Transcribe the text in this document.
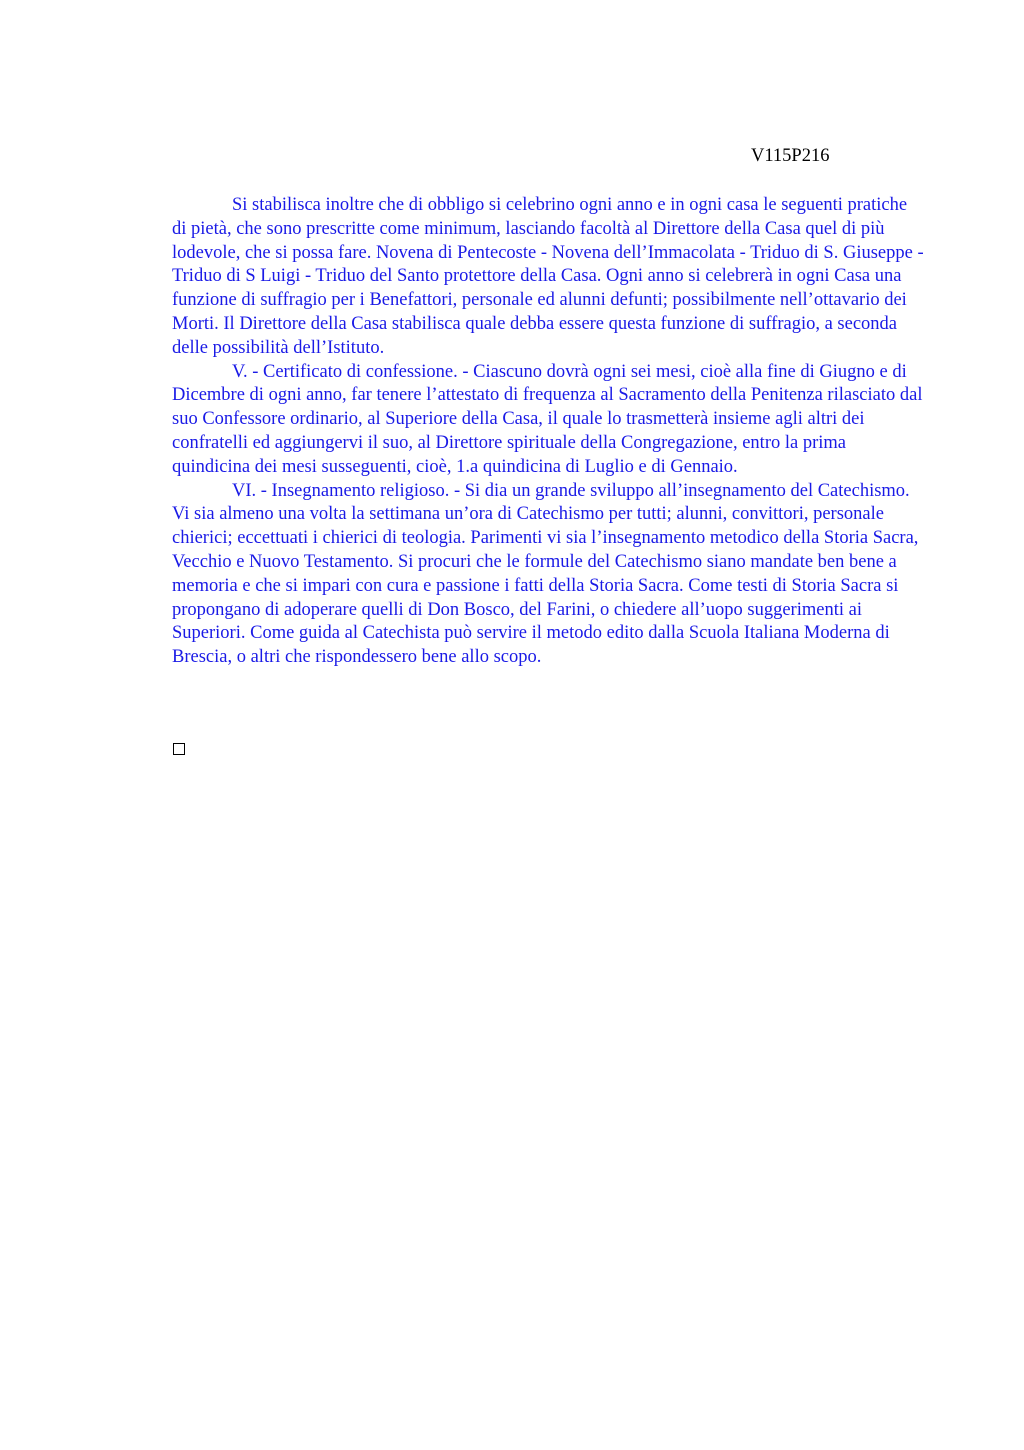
V115P216

Si stabilisca inoltre che di obbligo si celebrino ogni anno e in ogni casa le seguenti pratiche di pietà, che sono prescritte come minimum, lasciando facoltà al Direttore della Casa quel di più lodevole, che si possa fare. Novena di Pentecoste - Novena dell’Immacolata - Triduo di S. Giuseppe - Triduo di S Luigi - Triduo del Santo protettore della Casa. Ogni anno si celebrerà in ogni Casa una funzione di suffragio per i Benefattori, personale ed alunni defunti; possibilmente nell’ottavario dei Morti. Il Direttore della Casa stabilisca quale debba essere questa funzione di suffragio, a seconda delle possibilità dell’Istituto.

V. - Certificato di confessione. - Ciascuno dovrà ogni sei mesi, cioè alla fine di Giugno e di Dicembre di ogni anno, far tenere l’attestato di frequenza al Sacramento della Penitenza rilasciato dal suo Confessore ordinario, al Superiore della Casa, il quale lo trasmetterà insieme agli altri dei confratelli ed aggiungervi il suo, al Direttore spirituale della Congregazione, entro la prima quindicina dei mesi susseguenti, cioè, 1.a quindicina di Luglio e di Gennaio.

VI. - Insegnamento religioso. - Si dia un grande sviluppo all’insegnamento del Catechismo. Vi sia almeno una volta la settimana un’ora di Catechismo per tutti; alunni, convittori, personale chierici; eccettuati i chierici di teologia. Parimenti vi sia l’insegnamento metodico della Storia Sacra, Vecchio e Nuovo Testamento. Si procuri che le formule del Catechismo siano mandate ben bene a memoria e che si impari con cura e passione i fatti della Storia Sacra. Come testi di Storia Sacra si propongano di adoperare quelli di Don Bosco, del Farini, o chiedere all’uopo suggerimenti ai Superiori. Come guida al Catechista può servire il metodo edito dalla Scuola Italiana Moderna di Brescia, o altri che rispondessero bene allo scopo.
